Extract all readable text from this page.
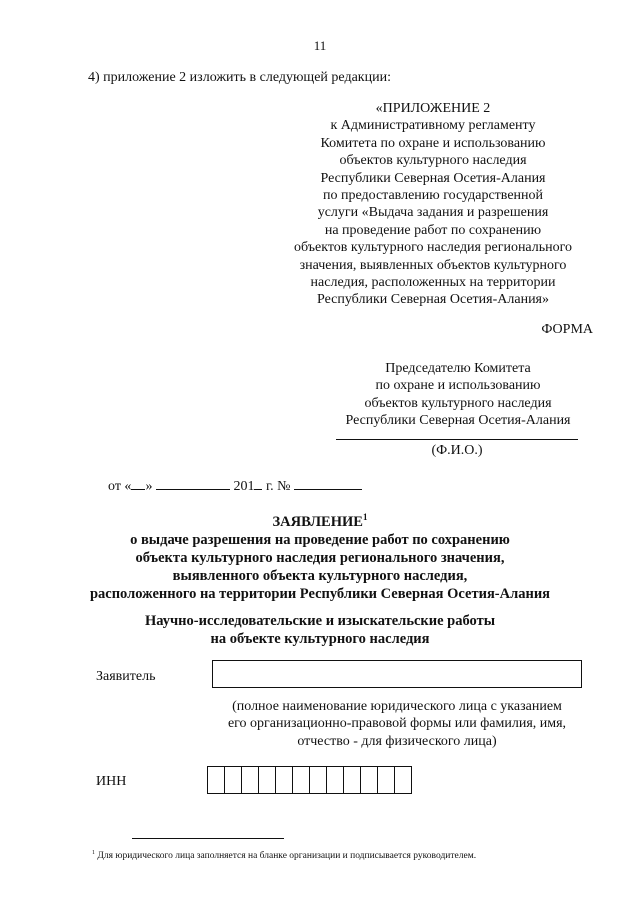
11
4) приложение 2 изложить в следующей редакции:
«ПРИЛОЖЕНИЕ 2
к Административному регламенту
Комитета по охране и использованию
объектов культурного наследия
Республики Северная Осетия-Алания
по предоставлению государственной
услуги «Выдача задания и разрешения
на проведение работ по сохранению
объектов культурного наследия регионального
значения, выявленных объектов культурного
наследия, расположенных на территории
Республики Северная Осетия-Алания»
ФОРМА
Председателю Комитета
по охране и использованию
объектов культурного наследия
Республики Северная Осетия-Алания
(Ф.И.О.)
от « »	201 г. №
ЗАЯВЛЕНИЕ$^1$
о выдаче разрешения на проведение работ по сохранению
объекта культурного наследия регионального значения,
выявленного объекта культурного наследия,
расположенного на территории Республики Северная Осетия-Алания
Научно-исследовательские и изыскательские работы
на объекте культурного наследия
Заявитель
(полное наименование юридического лица с указанием
его организационно-правовой формы или фамилия, имя,
отчество - для физического лица)
ИНН
$^1$ Для юридического лица заполняется на бланке организации и подписывается руководителем.
